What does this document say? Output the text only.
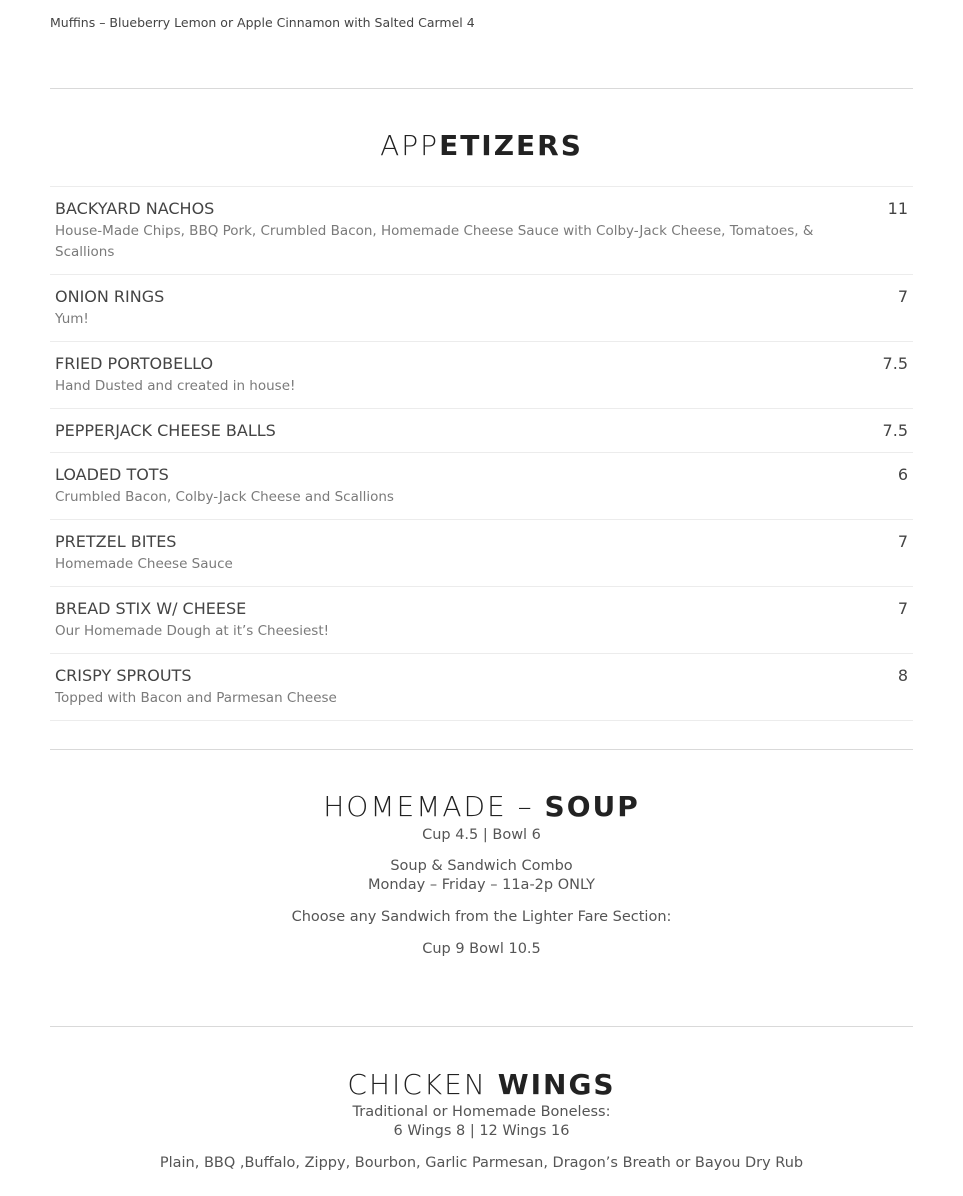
Muffins – Blueberry Lemon or Apple Cinnamon with Salted Carmel 4
APPETIZERS
BACKYARD NACHOS
House-Made Chips, BBQ Pork, Crumbled Bacon, Homemade Cheese Sauce with Colby-Jack Cheese, Tomatoes, & Scallions
11
ONION RINGS
Yum!
7
FRIED PORTOBELLO
Hand Dusted and created in house!
7.5
PEPPERJACK CHEESE BALLS	7.5
LOADED TOTS
Crumbled Bacon, Colby-Jack Cheese and Scallions
6
PRETZEL BITES
Homemade Cheese Sauce
7
BREAD STIX W/ CHEESE
Our Homemade Dough at it’s Cheesiest!
7
CRISPY SPROUTS
Topped with Bacon and Parmesan Cheese
8
HOMEMADE – SOUP
Cup 4.5 | Bowl 6
Soup & Sandwich Combo
Monday – Friday – 11a-2p ONLY
Choose any Sandwich from the Lighter Fare Section:
Cup 9 Bowl 10.5
CHICKEN WINGS
Traditional or Homemade Boneless:
6 Wings 8 | 12 Wings 16
Plain, BBQ ,Buffalo, Zippy, Bourbon, Garlic Parmesan, Dragon’s Breath or Bayou Dry Rub
